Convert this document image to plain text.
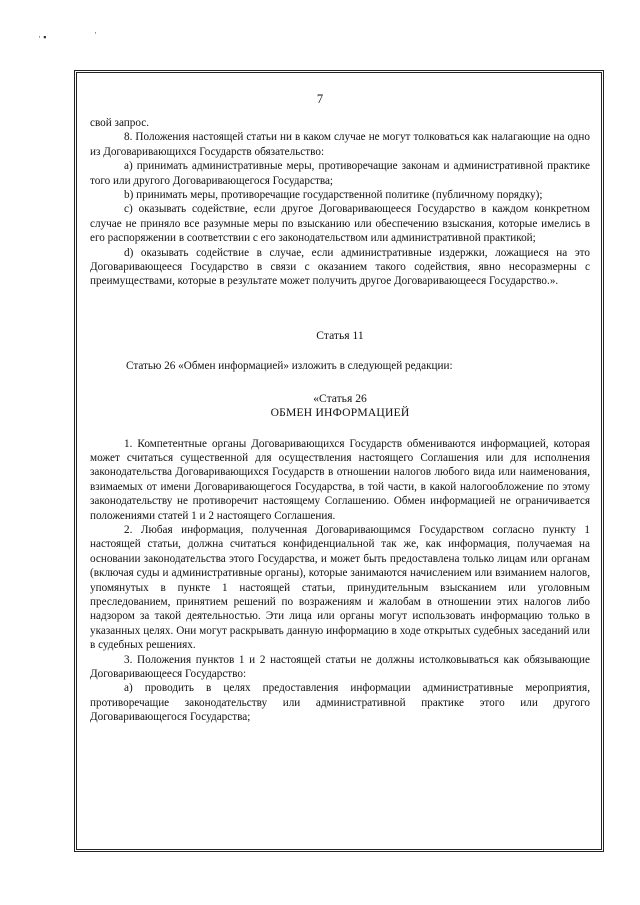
· ▪	·
7

свой запрос.

8. Положения настоящей статьи ни в каком случае не могут толковаться как налагающие на одно из Договаривающихся Государств обязательство:

a) принимать административные меры, противоречащие законам и административной практике того или другого Договаривающегося Государства;

b) принимать меры, противоречащие государственной политике (публичному порядку);

c) оказывать содействие, если другое Договаривающееся Государство в каждом конкретном случае не приняло все разумные меры по взысканию или обеспечению взыскания, которые имелись в его распоряжении в соответствии с его законодательством или административной практикой;

d) оказывать содействие в случае, если административные издержки, ложащиеся на это Договаривающееся Государство в связи с оказанием такого содействия, явно несоразмерны с преимуществами, которые в результате может получить другое Договаривающееся Государство.».

Статья 11

Статью 26 «Обмен информацией» изложить в следующей редакции:

«Статья 26

ОБМЕН ИНФОРМАЦИЕЙ

1. Компетентные органы Договаривающихся Государств обмениваются информацией, которая может считаться существенной для осуществления настоящего Соглашения или для исполнения законодательства Договаривающихся Государств в отношении налогов любого вида или наименования, взимаемых от имени Договаривающегося Государства, в той части, в какой налогообложение по этому законодательству не противоречит настоящему Соглашению. Обмен информацией не ограничивается положениями статей 1 и 2 настоящего Соглашения.

2. Любая информация, полученная Договаривающимся Государством согласно пункту 1 настоящей статьи, должна считаться конфиденциальной так же, как информация, получаемая на основании законодательства этого Государства, и может быть предоставлена только лицам или органам (включая суды и административные органы), которые занимаются начислением или взиманием налогов, упомянутых в пункте 1 настоящей статьи, принудительным взысканием или уголовным преследованием, принятием решений по возражениям и жалобам в отношении этих налогов либо надзором за такой деятельностью. Эти лица или органы могут использовать информацию только в указанных целях. Они могут раскрывать данную информацию в ходе открытых судебных заседаний или в судебных решениях.

3. Положения пунктов 1 и 2 настоящей статьи не должны истолковываться как обязывающие Договаривающееся Государство:

a) проводить в целях предоставления информации административные мероприятия, противоречащие законодательству или административной практике этого или другого Договаривающегося Государства;
